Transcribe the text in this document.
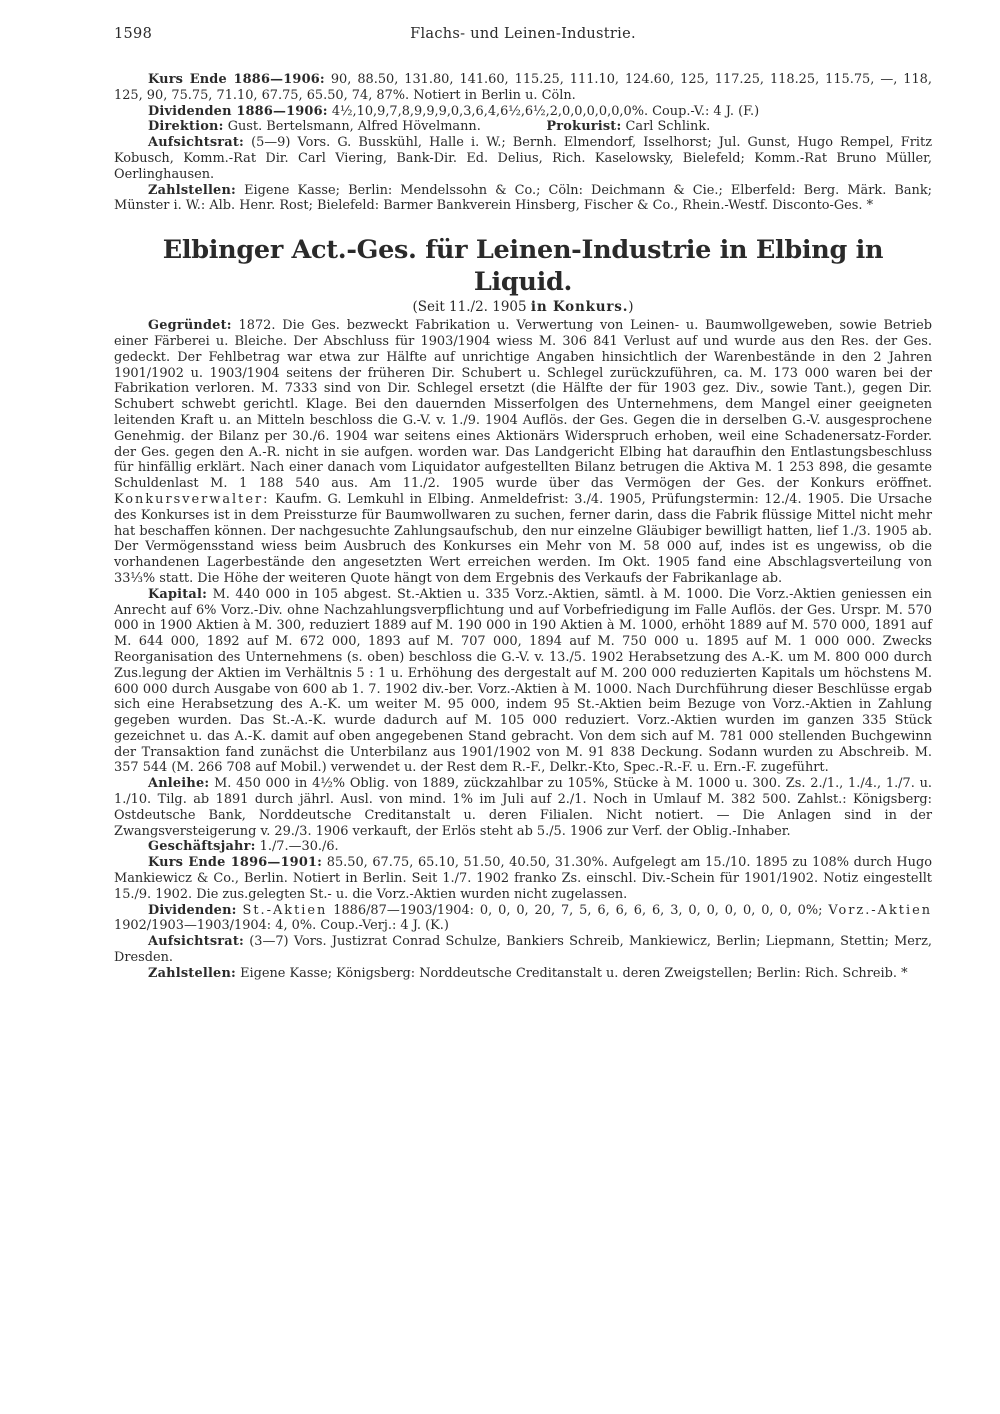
1598	Flachs- und Leinen-Industrie.

Kurs Ende 1886—1906: 90, 88.50, 131.80, 141.60, 115.25, 111.10, 124.60, 125, 117.25, 118.25, 115.75, —, 118, 125, 90, 75.75, 71.10, 67.75, 65.50, 74, 87%. Notiert in Berlin u. Cöln.

Dividenden 1886—1906: 4½,10,9,7,8,9,9,9,0,3,6,4,6½,6½,2,0,0,0,0,0,0%. Coup.-V.: 4 J. (F.)

Direktion: Gust. Bertelsmann, Alfred Hövelmann.	Prokurist: Carl Schlink.

Aufsichtsrat: (5—9) Vors. G. Busskühl, Halle i. W.; Bernh. Elmendorf, Isselhorst; Jul. Gunst, Hugo Rempel, Fritz Kobusch, Komm.-Rat Dir. Carl Viering, Bank-Dir. Ed. Delius, Rich. Kaselowsky, Bielefeld; Komm.-Rat Bruno Müller, Oerlinghausen.

Zahlstellen: Eigene Kasse; Berlin: Mendelssohn & Co.; Cöln: Deichmann & Cie.; Elberfeld: Berg. Märk. Bank; Münster i. W.: Alb. Henr. Rost; Bielefeld: Barmer Bankverein Hinsberg, Fischer & Co., Rhein.-Westf. Disconto-Ges. *

Elbinger Act.-Ges. für Leinen-Industrie in Elbing in Liquid.
(Seit 11./2. 1905 in Konkurs.)

Gegründet: 1872. Die Ges. bezweckt Fabrikation u. Verwertung von Leinen- u. Baumwollgeweben, sowie Betrieb einer Färberei u. Bleiche. Der Abschluss für 1903/1904 wiess M. 306 841 Verlust auf und wurde aus den Res. der Ges. gedeckt. Der Fehlbetrag war etwa zur Hälfte auf unrichtige Angaben hinsichtlich der Warenbestände in den 2 Jahren 1901/1902 u. 1903/1904 seitens der früheren Dir. Schubert u. Schlegel zurückzuführen, ca. M. 173 000 waren bei der Fabrikation verloren. M. 7333 sind von Dir. Schlegel ersetzt (die Hälfte der für 1903 gez. Div., sowie Tant.), gegen Dir. Schubert schwebt gerichtl. Klage. Bei den dauernden Misserfolgen des Unternehmens, dem Mangel einer geeigneten leitenden Kraft u. an Mitteln beschloss die G.-V. v. 1./9. 1904 Auflös. der Ges. Gegen die in derselben G.-V. ausgesprochene Genehmig. der Bilanz per 30./6. 1904 war seitens eines Aktionärs Widerspruch erhoben, weil eine Schadenersatz-Forder. der Ges. gegen den A.-R. nicht in sie aufgen. worden war. Das Landgericht Elbing hat daraufhin den Entlastungsbeschluss für hinfällig erklärt. Nach einer danach vom Liquidator aufgestellten Bilanz betrugen die Aktiva M. 1 253 898, die gesamte Schuldenlast M. 1 188 540 aus. Am 11./2. 1905 wurde über das Vermögen der Ges. der Konkurs eröffnet. Konkursverwalter: Kaufm. G. Lemkuhl in Elbing. Anmeldefrist: 3./4. 1905, Prüfungstermin: 12./4. 1905. Die Ursache des Konkurses ist in dem Preissturze für Baumwollwaren zu suchen, ferner darin, dass die Fabrik flüssige Mittel nicht mehr hat beschaffen können. Der nachgesuchte Zahlungsaufschub, den nur einzelne Gläubiger bewilligt hatten, lief 1./3. 1905 ab. Der Vermögensstand wiess beim Ausbruch des Konkurses ein Mehr von M. 58 000 auf, indes ist es ungewiss, ob die vorhandenen Lagerbestände den angesetzten Wert erreichen werden. Im Okt. 1905 fand eine Abschlagsverteilung von 33⅓% statt. Die Höhe der weiteren Quote hängt von dem Ergebnis des Verkaufs der Fabrikanlage ab.

Kapital: M. 440 000 in 105 abgest. St.-Aktien u. 335 Vorz.-Aktien, sämtl. à M. 1000. Die Vorz.-Aktien geniessen ein Anrecht auf 6% Vorz.-Div. ohne Nachzahlungsverpflichtung und auf Vorbefriedigung im Falle Auflös. der Ges. Urspr. M. 570 000 in 1900 Aktien à M. 300, reduziert 1889 auf M. 190 000 in 190 Aktien à M. 1000, erhöht 1889 auf M. 570 000, 1891 auf M. 644 000, 1892 auf M. 672 000, 1893 auf M. 707 000, 1894 auf M. 750 000 u. 1895 auf M. 1 000 000. Zwecks Reorganisation des Unternehmens (s. oben) beschloss die G.-V. v. 13./5. 1902 Herabsetzung des A.-K. um M. 800 000 durch Zus.legung der Aktien im Verhältnis 5 : 1 u. Erhöhung des dergestalt auf M. 200 000 reduzierten Kapitals um höchstens M. 600 000 durch Ausgabe von 600 ab 1. 7. 1902 div.-ber. Vorz.-Aktien à M. 1000. Nach Durchführung dieser Beschlüsse ergab sich eine Herabsetzung des A.-K. um weiter M. 95 000, indem 95 St.-Aktien beim Bezuge von Vorz.-Aktien in Zahlung gegeben wurden. Das St.-A.-K. wurde dadurch auf M. 105 000 reduziert. Vorz.-Aktien wurden im ganzen 335 Stück gezeichnet u. das A.-K. damit auf oben angegebenen Stand gebracht. Von dem sich auf M. 781 000 stellenden Buchgewinn der Transaktion fand zunächst die Unterbilanz aus 1901/1902 von M. 91 838 Deckung. Sodann wurden zu Abschreib. M. 357 544 (M. 266 708 auf Mobil.) verwendet u. der Rest dem R.-F., Delkr.-Kto, Spec.-R.-F. u. Ern.-F. zugeführt.

Anleihe: M. 450 000 in 4½% Oblig. von 1889, zückzahlbar zu 105%, Stücke à M. 1000 u. 300. Zs. 2./1., 1./4., 1./7. u. 1./10. Tilg. ab 1891 durch jährl. Ausl. von mind. 1% im Juli auf 2./1. Noch in Umlauf M. 382 500. Zahlst.: Königsberg: Ostdeutsche Bank, Norddeutsche Creditanstalt u. deren Filialen. Nicht notiert. — Die Anlagen sind in der Zwangsversteigerung v. 29./3. 1906 verkauft, der Erlös steht ab 5./5. 1906 zur Verf. der Oblig.-Inhaber.

Geschäftsjahr: 1./7.—30./6.

Kurs Ende 1896—1901: 85.50, 67.75, 65.10, 51.50, 40.50, 31.30%. Aufgelegt am 15./10. 1895 zu 108% durch Hugo Mankiewicz & Co., Berlin. Notiert in Berlin. Seit 1./7. 1902 franko Zs. einschl. Div.-Schein für 1901/1902. Notiz eingestellt 15./9. 1902. Die zus.gelegten St.- u. die Vorz.-Aktien wurden nicht zugelassen.

Dividenden: St.-Aktien 1886/87—1903/1904: 0, 0, 0, 20, 7, 5, 6, 6, 6, 6, 3, 0, 0, 0, 0, 0, 0, 0%; Vorz.-Aktien 1902/1903—1903/1904: 4, 0%. Coup.-Verj.: 4 J. (K.)

Aufsichtsrat: (3—7) Vors. Justizrat Conrad Schulze, Bankiers Schreib, Mankiewicz, Berlin; Liepmann, Stettin; Merz, Dresden.

Zahlstellen: Eigene Kasse; Königsberg: Norddeutsche Creditanstalt u. deren Zweigstellen; Berlin: Rich. Schreib. *
